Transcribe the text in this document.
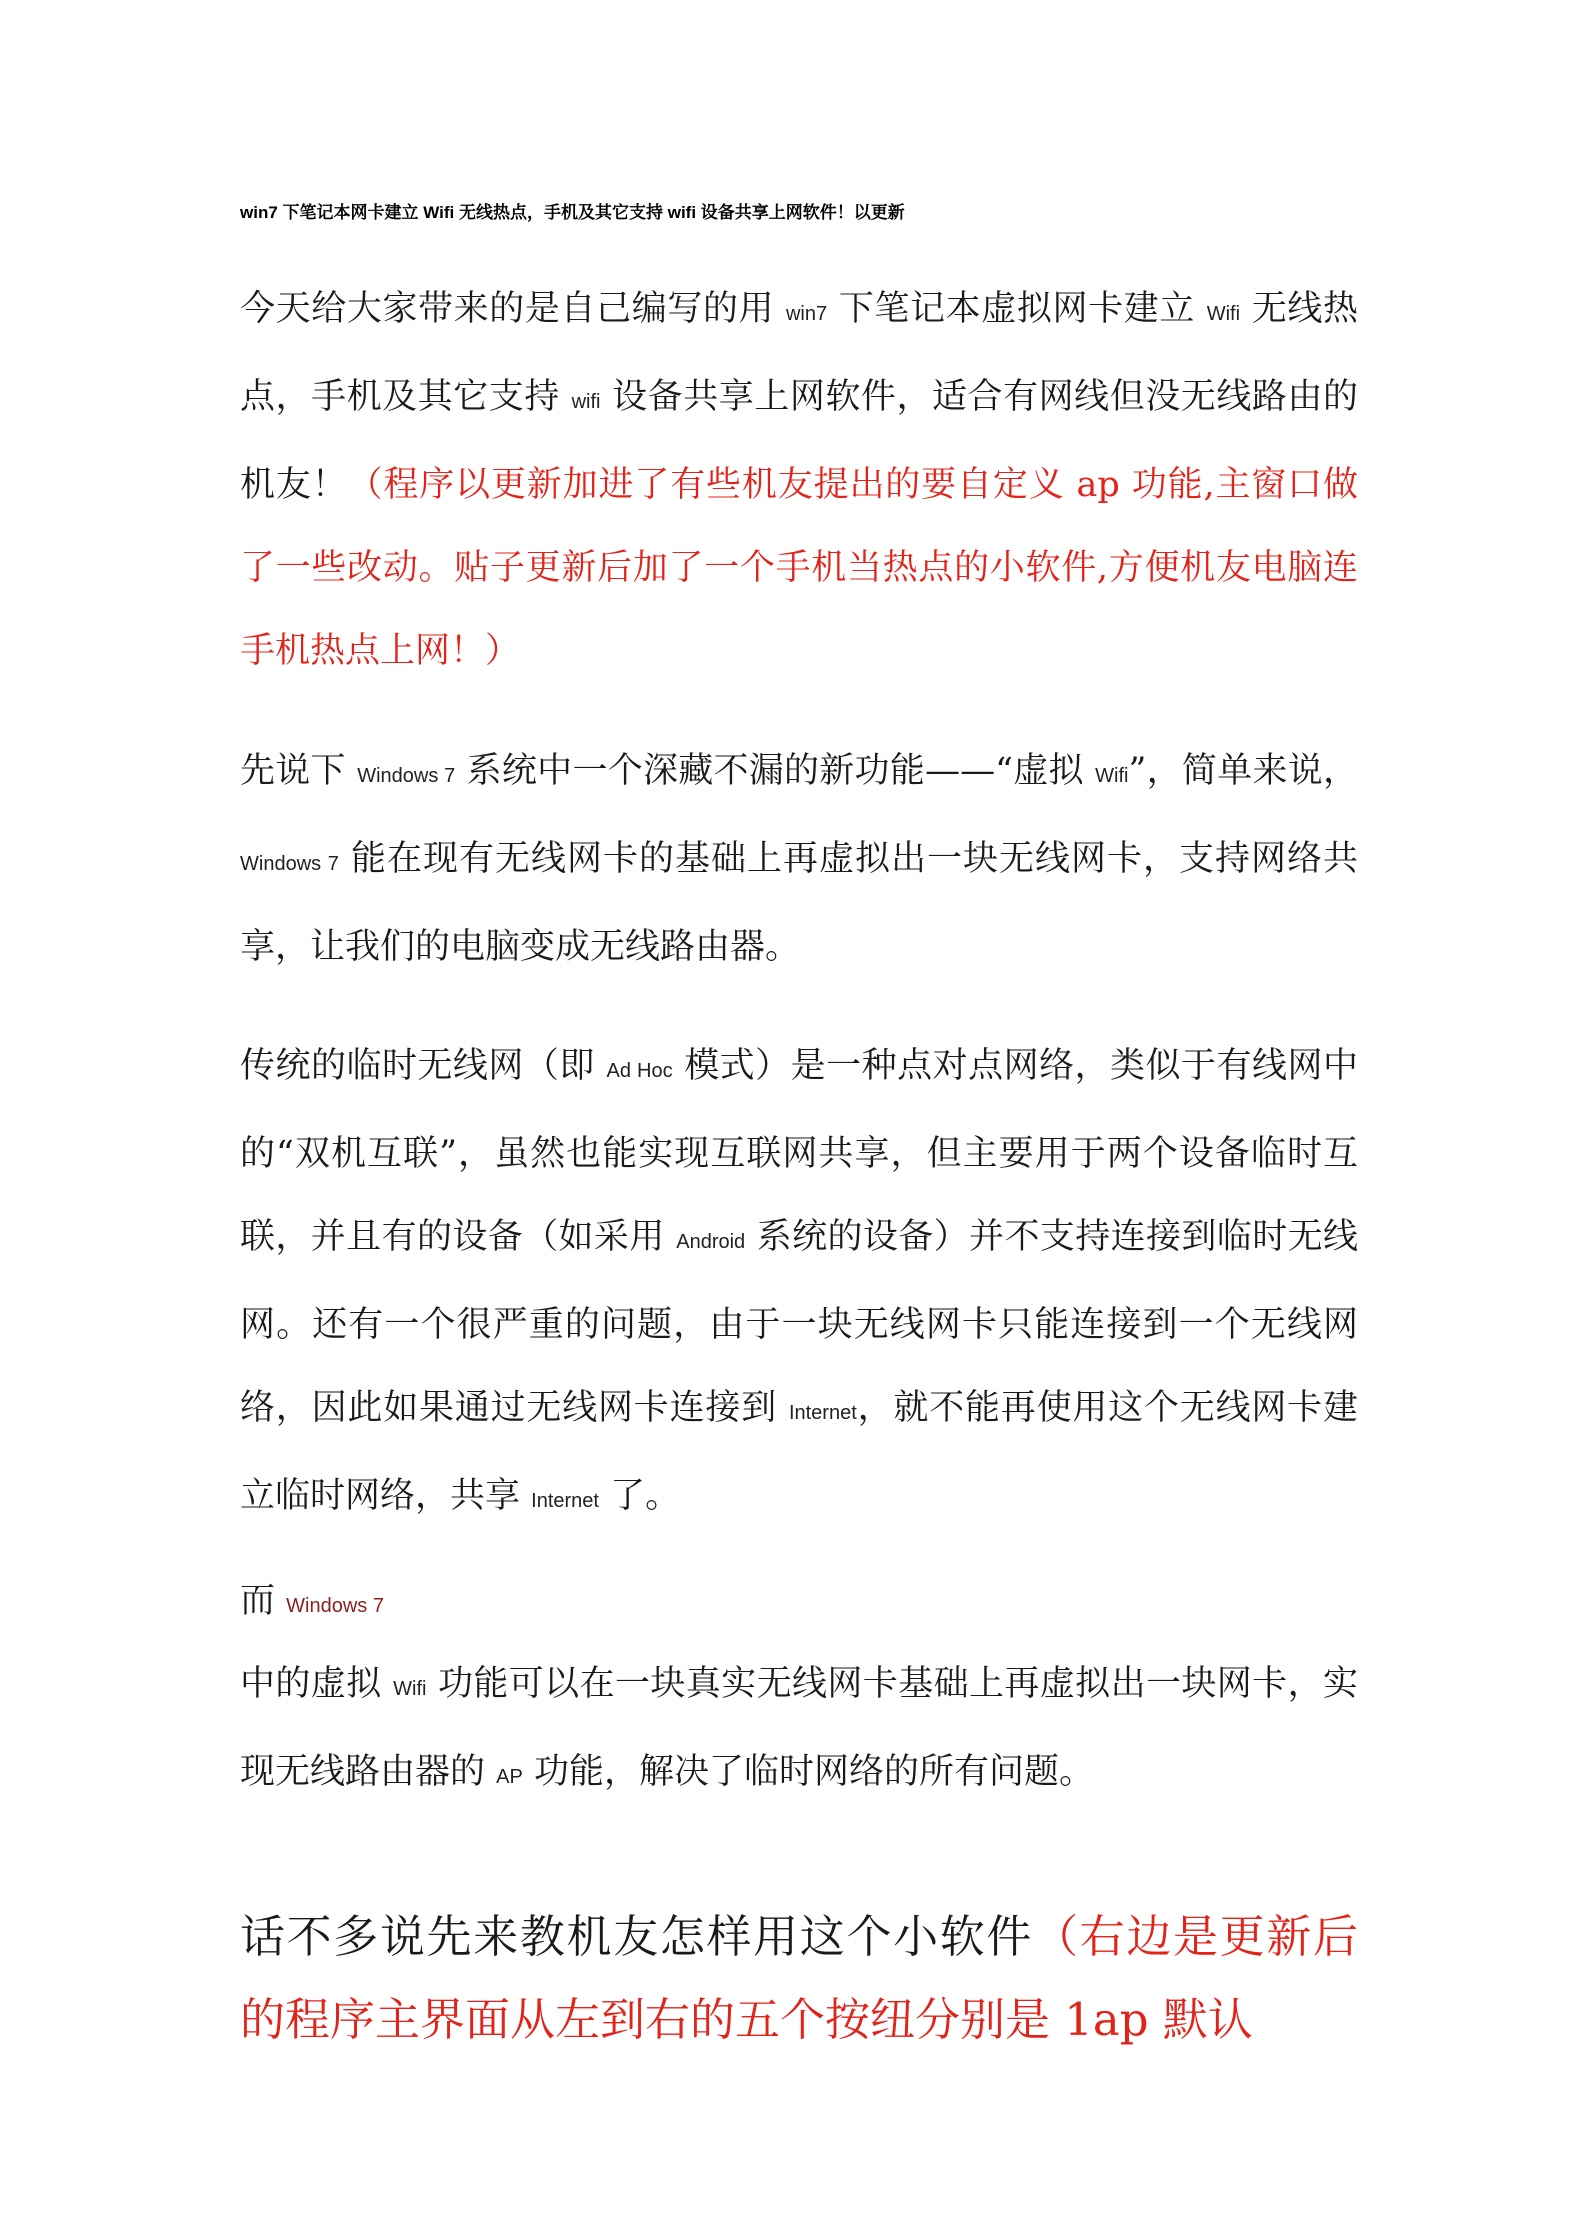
win7 下笔记本网卡建立 Wifi 无线热点，手机及其它支持 wifi 设备共享上网软件！以更新

今天给大家带来的是自己编写的用 win7 下笔记本虚拟网卡建立 Wifi 无线热点，手机及其它支持 wifi 设备共享上网软件，适合有网线但没无线路由的机友！（程序以更新加进了有些机友提出的要自定义 ap 功能,主窗口做了一些改动。贴子更新后加了一个手机当热点的小软件,方便机友电脑连手机热点上网！）

先说下 Windows 7 系统中一个深藏不漏的新功能——“虚拟 Wifi”，简单来说，Windows 7 能在现有无线网卡的基础上再虚拟出一块无线网卡，支持网络共享，让我们的电脑变成无线路由器。

传统的临时无线网（即 Ad Hoc 模式）是一种点对点网络，类似于有线网中的“双机互联”，虽然也能实现互联网共享，但主要用于两个设备临时互联，并且有的设备（如采用 Android 系统的设备）并不支持连接到临时无线网。还有一个很严重的问题，由于一块无线网卡只能连接到一个无线网络，因此如果通过无线网卡连接到 Internet，就不能再使用这个无线网卡建立临时网络，共享 Internet 了。

而 Windows 7

中的虚拟 Wifi 功能可以在一块真实无线网卡基础上再虚拟出一块网卡，实现无线路由器的 AP 功能，解决了临时网络的所有问题。

话不多说先来教机友怎样用这个小软件（右边是更新后的程序主界面从左到右的五个按纽分别是 1ap 默认
